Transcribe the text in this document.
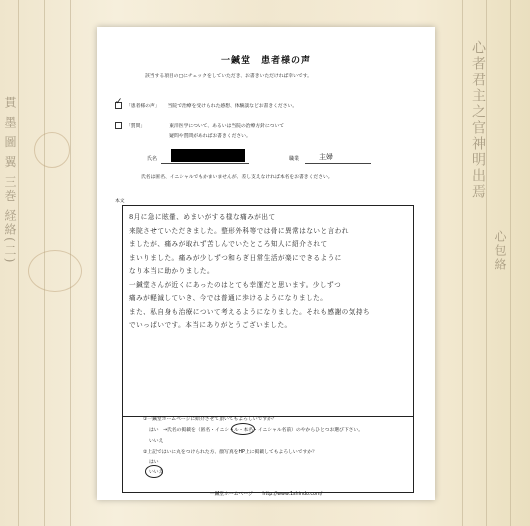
貫 墨 圖 翼 三巻 経絡(二)	心者君主之官神明出焉
心包絡
一鍼堂　患者様の声
該当する項目の□にチェックをしていただき、お書きいただければ幸いです。
✓
「患者様の声」 当院で治療を受けられた感想、体験談などお書きください。
「質問」	東洋医学について、あるいは当院の治療方針について
疑問や質問があればお書きください。
氏名	職業	主婦
氏名は匿名、イニシャルでもかまいませんが、差し支えなければ本名をお書きください。
本文
8月に急に眩暈、めまいがする様な痛みが出て
来院させていただきました。整形外科等では骨に異常はないと言われ
ましたが、痛みが取れず苦しんでいたところ知人に紹介されて
まいりました。痛みが少しずつ和らぎ日常生活が楽にできるように
なり本当に助かりました。
一鍼堂さんが近くにあったのはとても幸運だと思います。少しずつ
痛みが軽減していき、今では普通に歩けるようになりました。
また、私自身も治療について考えるようになりました。それも感謝の気持ち
でいっぱいです。本当にありがとうございました。
①一鍼堂ホームページに紹介させて頂いてもよろしいですか？
はい →氏名の掲載を（匿名・イニシャル・本名・イニシャル名前）のやからひとつお選び下さい。
いいえ
②上記ではいに丸をつけられた方、顔写真をHP上に掲載してもよろしいですか？
はい
いいえ
一鍼堂ホームページ　　http://www.1shindo.com/
